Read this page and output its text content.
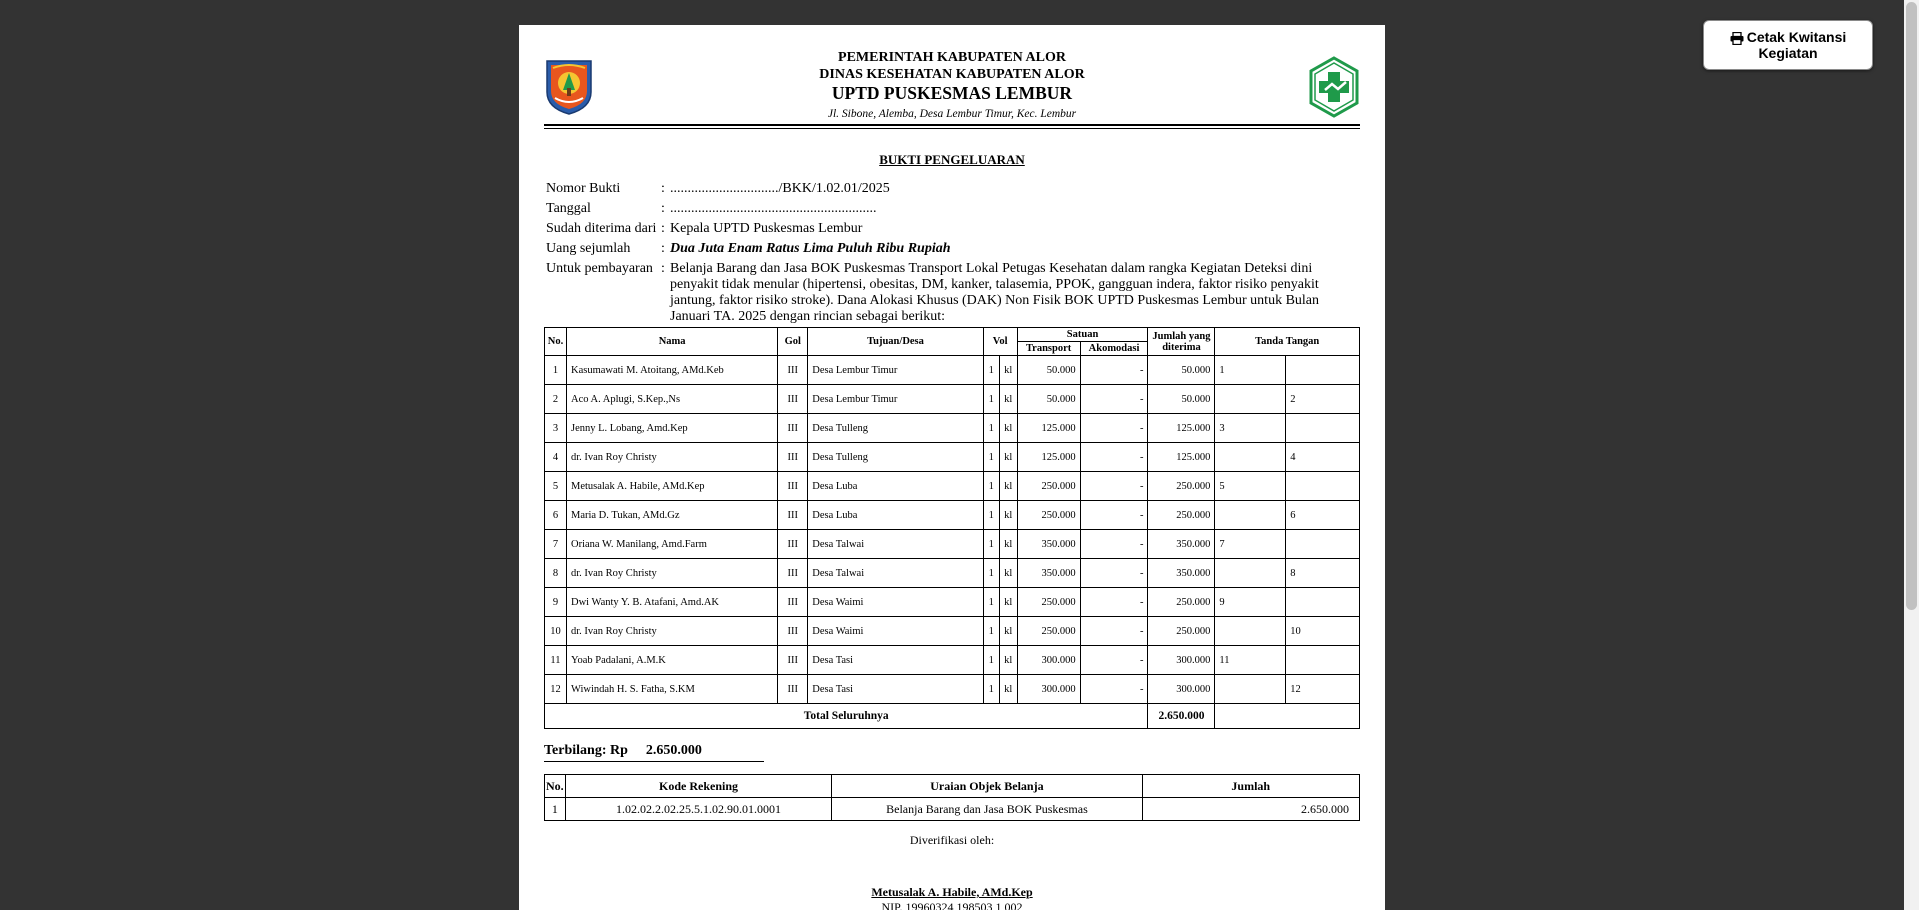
PEMERINTAH KABUPATEN ALOR
DINAS KESEHATAN KABUPATEN ALOR
UPTD PUSKESMAS LEMBUR
Jl. Sibone, Alemba, Desa Lembur Timur, Kec. Lembur
BUKTI PENGELUARAN
Nomor Bukti	: .............................../BKK/1.02.01/2025
Tanggal	: ...........................................................
Sudah diterima dari : Kepala UPTD Puskesmas Lembur
Uang sejumlah	: Dua Juta Enam Ratus Lima Puluh Ribu Rupiah
Untuk pembayaran : Belanja Barang dan Jasa BOK Puskesmas Transport Lokal Petugas Kesehatan dalam rangka Kegiatan Deteksi dini penyakit tidak menular (hipertensi, obesitas, DM, kanker, talasemia, PPOK, gangguan indera, faktor risiko penyakit jantung, faktor risiko stroke). Dana Alokasi Khusus (DAK) Non Fisik BOK UPTD Puskesmas Lembur untuk Bulan Januari TA. 2025 dengan rincian sebagai berikut:
No.	Nama	Gol	Tujuan/Desa	Vol		Satuan		Jumlah yang diterima	Tanda Tangan	
						Transport	Akomodasi			
1	Kasumawati M. Atoitang, AMd.Keb	III	Desa Lembur Timur	1	kl	50.000	-	50.000	1	
2	Aco A. Aplugi, S.Kep.,Ns	III	Desa Lembur Timur	1	kl	50.000	-	50.000		2
3	Jenny L. Lobang, Amd.Kep	III	Desa Tulleng	1	kl	125.000	-	125.000	3	
4	dr. Ivan Roy Christy	III	Desa Tulleng	1	kl	125.000	-	125.000		4
5	Metusalak A. Habile, AMd.Kep	III	Desa Luba	1	kl	250.000	-	250.000	5	
6	Maria D. Tukan, AMd.Gz	III	Desa Luba	1	kl	250.000	-	250.000		6
7	Oriana W. Manilang, Amd.Farm	III	Desa Talwai	1	kl	350.000	-	350.000	7	
8	dr. Ivan Roy Christy	III	Desa Talwai	1	kl	350.000	-	350.000		8
9	Dwi Wanty Y. B. Atafani, Amd.AK	III	Desa Waimi	1	kl	250.000	-	250.000	9	
10	dr. Ivan Roy Christy	III	Desa Waimi	1	kl	250.000	-	250.000		10
11	Yoab Padalani, A.M.K	III	Desa Tasi	1	kl	300.000	-	300.000	11	
12	Wiwindah H. S. Fatha, S.KM	III	Desa Tasi	1	kl	300.000	-	300.000		12
Total Seluruhnya								2.650.000		
Terbilang: Rp 2.650.000
No.	Kode Rekening	Uraian Objek Belanja	Jumlah
1	1.02.02.2.02.25.5.1.02.90.01.0001	Belanja Barang dan Jasa BOK Puskesmas	2.650.000
Diverifikasi oleh:
Metusalak A. Habile, AMd.Kep
NIP. 19960324 198503 1 002
Cetak Kwitansi Kegiatan
